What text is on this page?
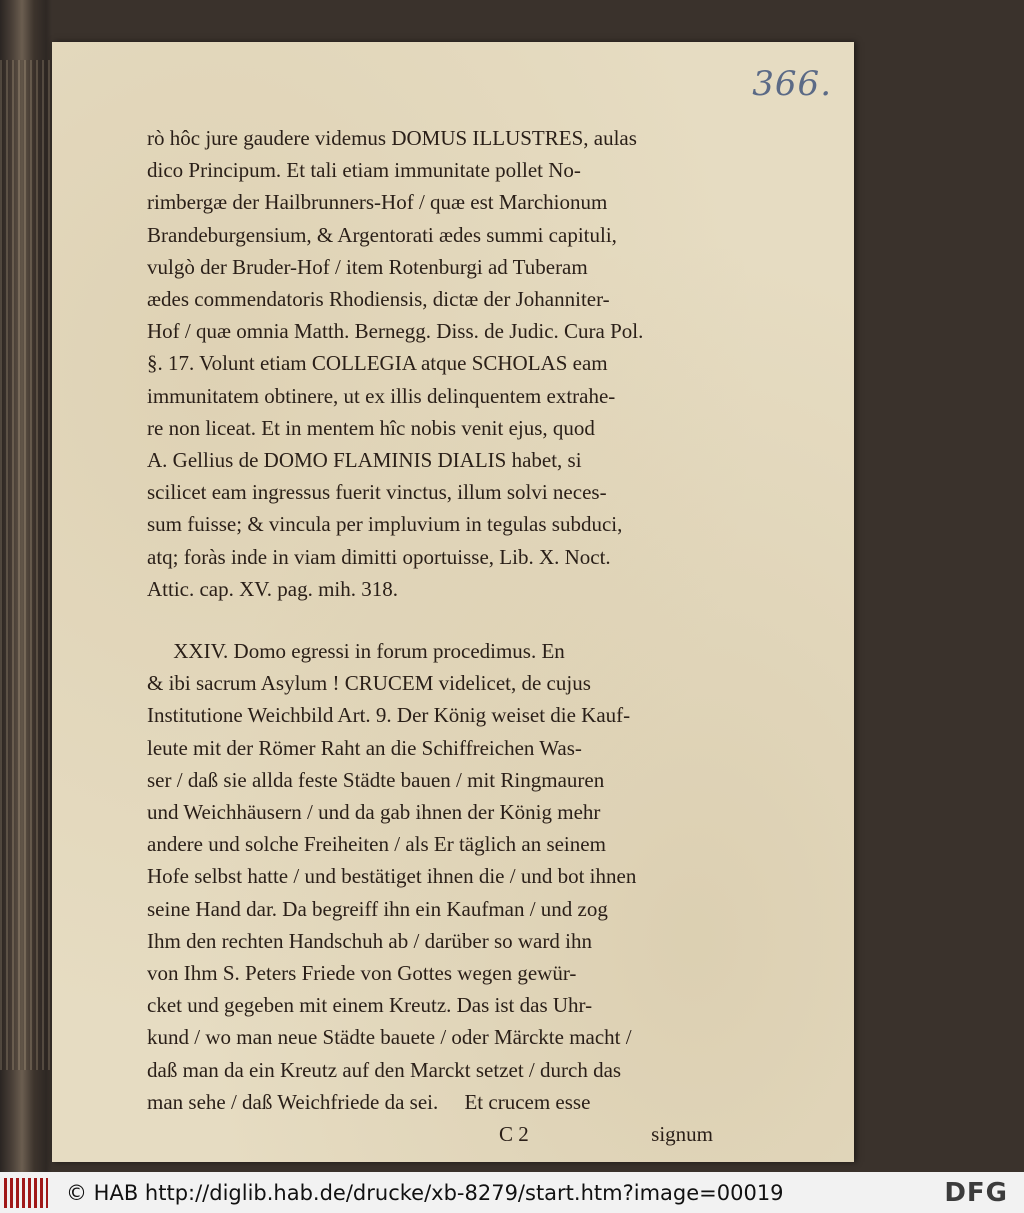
366.

rò hôc jure gaudere videmus DOMUS ILLUSTRES, aulas

dico Principum. Et tali etiam immunitate pollet No-

rimbergæ der Hailbrunners-Hof / quæ est Marchionum

Brandeburgensium, & Argentorati ædes summi capituli,

vulgò der Bruder-Hof / item Rotenburgi ad Tuberam

ædes commendatoris Rhodiensis, dictæ der Johanniter-

Hof / quæ omnia Matth. Bernegg. Diss. de Judic. Cura Pol.

§. 17. Volunt etiam COLLEGIA atque SCHOLAS eam

immunitatem obtinere, ut ex illis delinquentem extrahe-

re non liceat. Et in mentem hîc nobis venit ejus, quod

A. Gellius de DOMO FLAMINIS DIALIS habet, si

scilicet eam ingressus fuerit vinctus, illum solvi neces-

sum fuisse; & vincula per impluvium in tegulas subduci,

atq; foràs inde in viam dimitti oportuisse, Lib. X. Noct.

Attic. cap. XV. pag. mih. 318.

XXIV. Domo egressi in forum procedimus. En

& ibi sacrum Asylum ! CRUCEM videlicet, de cujus

Institutione Weichbild Art. 9. Der König weiset die Kauf-

leute mit der Römer Raht an die Schiffreichen Was-

ser / daß sie allda feste Städte bauen / mit Ringmauren

und Weichhäusern / und da gab ihnen der König mehr

andere und solche Freiheiten / als Er täglich an seinem

Hofe selbst hatte / und bestätiget ihnen die / und bot ihnen

seine Hand dar. Da begreiff ihn ein Kaufman / und zog

Ihm den rechten Handschuh ab / darüber so ward ihn

von Ihm S. Peters Friede von Gottes wegen gewür-

cket und gegeben mit einem Kreutz. Das ist das Uhr-

kund / wo man neue Städte bauete / oder Märckte macht /

daß man da ein Kreutz auf den Marckt setzet / durch das

man sehe / daß Weichfriede da sei.     Et crucem esse

C 2	signum
© HAB http://diglib.hab.de/drucke/xb-8279/start.htm?image=00019	DFG
